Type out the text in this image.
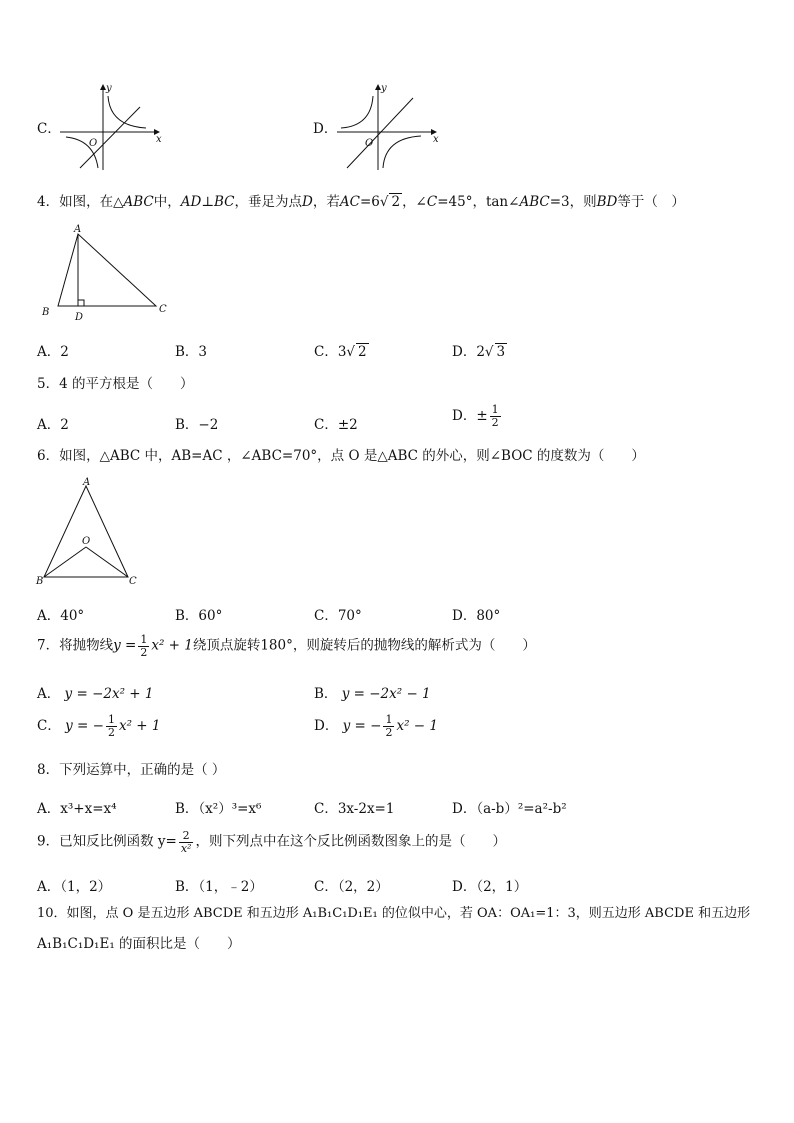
C．
y
x
O
D．
y
x
O
4．如图，在△ABC中，AD⊥BC，垂足为点D，若AC=6√ 2 ，∠C=45°，tan∠ABC=3，则BD等于（　）
A
B	C
D
A．2	B．3	C．3√ 2	D．2√ 3
5．4 的平方根是（　　）
A．2	B．−2	C．±2
D．± $\frac{1}{2}$
6．如图，△ABC 中，AB=AC ，∠ABC=70°，点 O 是△ABC 的外心，则∠BOC 的度数为（　　）
A
B	C
O
A．40°	B．60°	C．70°	D．80°
7．将抛物线$y = \frac{1}{2} x^2 + 1$绕顶点旋转180°，则旋转后的抛物线的解析式为（　　）
A． y = −2x² + 1	B． y = −2x² − 1
C． y = − $\frac{1}{2} x^2 + 1$	D． y = − $\frac{1}{2} x^2 - 1$
8．下列运算中，正确的是（ ）
A．x³+x=x⁴	B．（x²）³=x⁶	C．3x-2x=1	D．（a-b）²=a²-b²
9．已知反比例函数 $y= \frac{2}{\text{x²}}$ ，则下列点中在这个反比例函数图象上的是（　　）
A．（1，2）	B．（1，﹣2）	C．（2，2）	D．（2，1）
10．如图，点 O 是五边形 ABCDE 和五边形 A₁B₁C₁D₁E₁ 的位似中心，若 OA：OA₁=1：3，则五边形 ABCDE 和五边形
A₁B₁C₁D₁E₁ 的面积比是（　　）
